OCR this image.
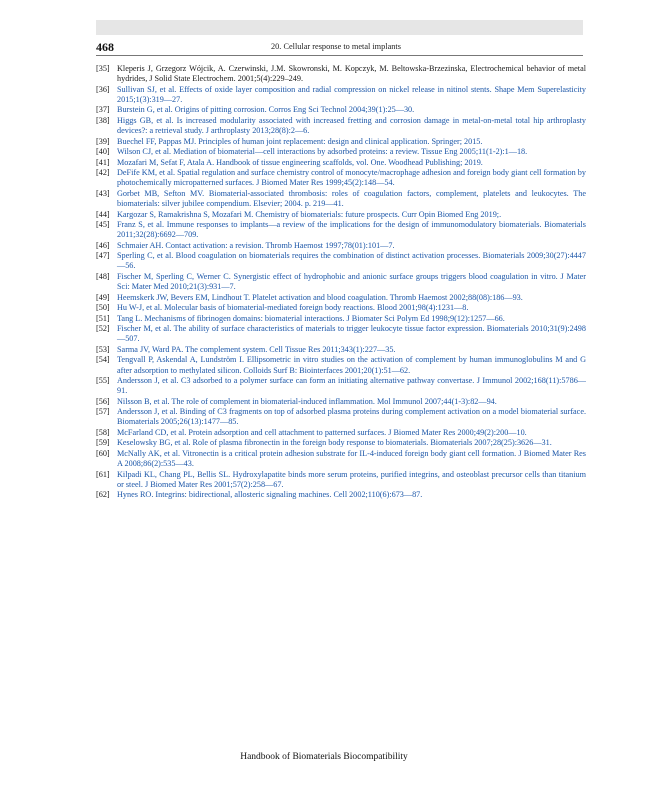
468	20. Cellular response to metal implants
[35] Kleperis J, Grzegorz Wójcik, A. Czerwinski, J.M. Skowronski, M. Kopczyk, M. Beltowska-Brzezinska, Electrochemical behavior of metal hydrides, J Solid State Electrochem. 2001;5(4):229–249.
[36] Sullivan SJ, et al. Effects of oxide layer composition and radial compression on nickel release in nitinol stents. Shape Mem Superelasticity 2015;1(3):319—27.
[37] Burstein G, et al. Origins of pitting corrosion. Corros Eng Sci Technol 2004;39(1):25—30.
[38] Higgs GB, et al. Is increased modularity associated with increased fretting and corrosion damage in metal-on-metal total hip arthroplasty devices?: a retrieval study. J arthroplasty 2013;28(8):2—6.
[39] Buechel FF, Pappas MJ. Principles of human joint replacement: design and clinical application. Springer; 2015.
[40] Wilson CJ, et al. Mediation of biomaterial—cell interactions by adsorbed proteins: a review. Tissue Eng 2005;11(1-2):1—18.
[41] Mozafari M, Sefat F, Atala A. Handbook of tissue engineering scaffolds, vol. One. Woodhead Publishing; 2019.
[42] DeFife KM, et al. Spatial regulation and surface chemistry control of monocyte/macrophage adhesion and foreign body giant cell formation by photochemically micropatterned surfaces. J Biomed Mater Res 1999;45(2):148—54.
[43] Gorbet MB, Sefton MV. Biomaterial-associated thrombosis: roles of coagulation factors, complement, platelets and leukocytes. The biomaterials: silver jubilee compendium. Elsevier; 2004. p. 219—41.
[44] Kargozar S, Ramakrishna S, Mozafari M. Chemistry of biomaterials: future prospects. Curr Opin Biomed Eng 2019;.
[45] Franz S, et al. Immune responses to implants—a review of the implications for the design of immunomodulatory biomaterials. Biomaterials 2011;32(28):6692—709.
[46] Schmaier AH. Contact activation: a revision. Thromb Haemost 1997;78(01):101—7.
[47] Sperling C, et al. Blood coagulation on biomaterials requires the combination of distinct activation processes. Biomaterials 2009;30(27):4447—56.
[48] Fischer M, Sperling C, Werner C. Synergistic effect of hydrophobic and anionic surface groups triggers blood coagulation in vitro. J Mater Sci: Mater Med 2010;21(3):931—7.
[49] Heemskerk JW, Bevers EM, Lindhout T. Platelet activation and blood coagulation. Thromb Haemost 2002;88(08):186—93.
[50] Hu W-J, et al. Molecular basis of biomaterial-mediated foreign body reactions. Blood 2001;98(4):1231—8.
[51] Tang L. Mechanisms of fibrinogen domains: biomaterial interactions. J Biomater Sci Polym Ed 1998;9(12):1257—66.
[52] Fischer M, et al. The ability of surface characteristics of materials to trigger leukocyte tissue factor expression. Biomaterials 2010;31(9):2498—507.
[53] Sarma JV, Ward PA. The complement system. Cell Tissue Res 2011;343(1):227—35.
[54] Tengvall P, Askendal A, Lundström I. Ellipsometric in vitro studies on the activation of complement by human immunoglobulins M and G after adsorption to methylated silicon. Colloids Surf B: Biointerfaces 2001;20(1):51—62.
[55] Andersson J, et al. C3 adsorbed to a polymer surface can form an initiating alternative pathway convertase. J Immunol 2002;168(11):5786—91.
[56] Nilsson B, et al. The role of complement in biomaterial-induced inflammation. Mol Immunol 2007;44(1-3):82—94.
[57] Andersson J, et al. Binding of C3 fragments on top of adsorbed plasma proteins during complement activation on a model biomaterial surface. Biomaterials 2005;26(13):1477—85.
[58] McFarland CD, et al. Protein adsorption and cell attachment to patterned surfaces. J Biomed Mater Res 2000;49(2):200—10.
[59] Keselowsky BG, et al. Role of plasma fibronectin in the foreign body response to biomaterials. Biomaterials 2007;28(25):3626—31.
[60] McNally AK, et al. Vitronectin is a critical protein adhesion substrate for IL-4-induced foreign body giant cell formation. J Biomed Mater Res A 2008;86(2):535—43.
[61] Kilpadi KL, Chang PL, Bellis SL. Hydroxylapatite binds more serum proteins, purified integrins, and osteoblast precursor cells than titanium or steel. J Biomed Mater Res 2001;57(2):258—67.
[62] Hynes RO. Integrins: bidirectional, allosteric signaling machines. Cell 2002;110(6):673—87.
Handbook of Biomaterials Biocompatibility
